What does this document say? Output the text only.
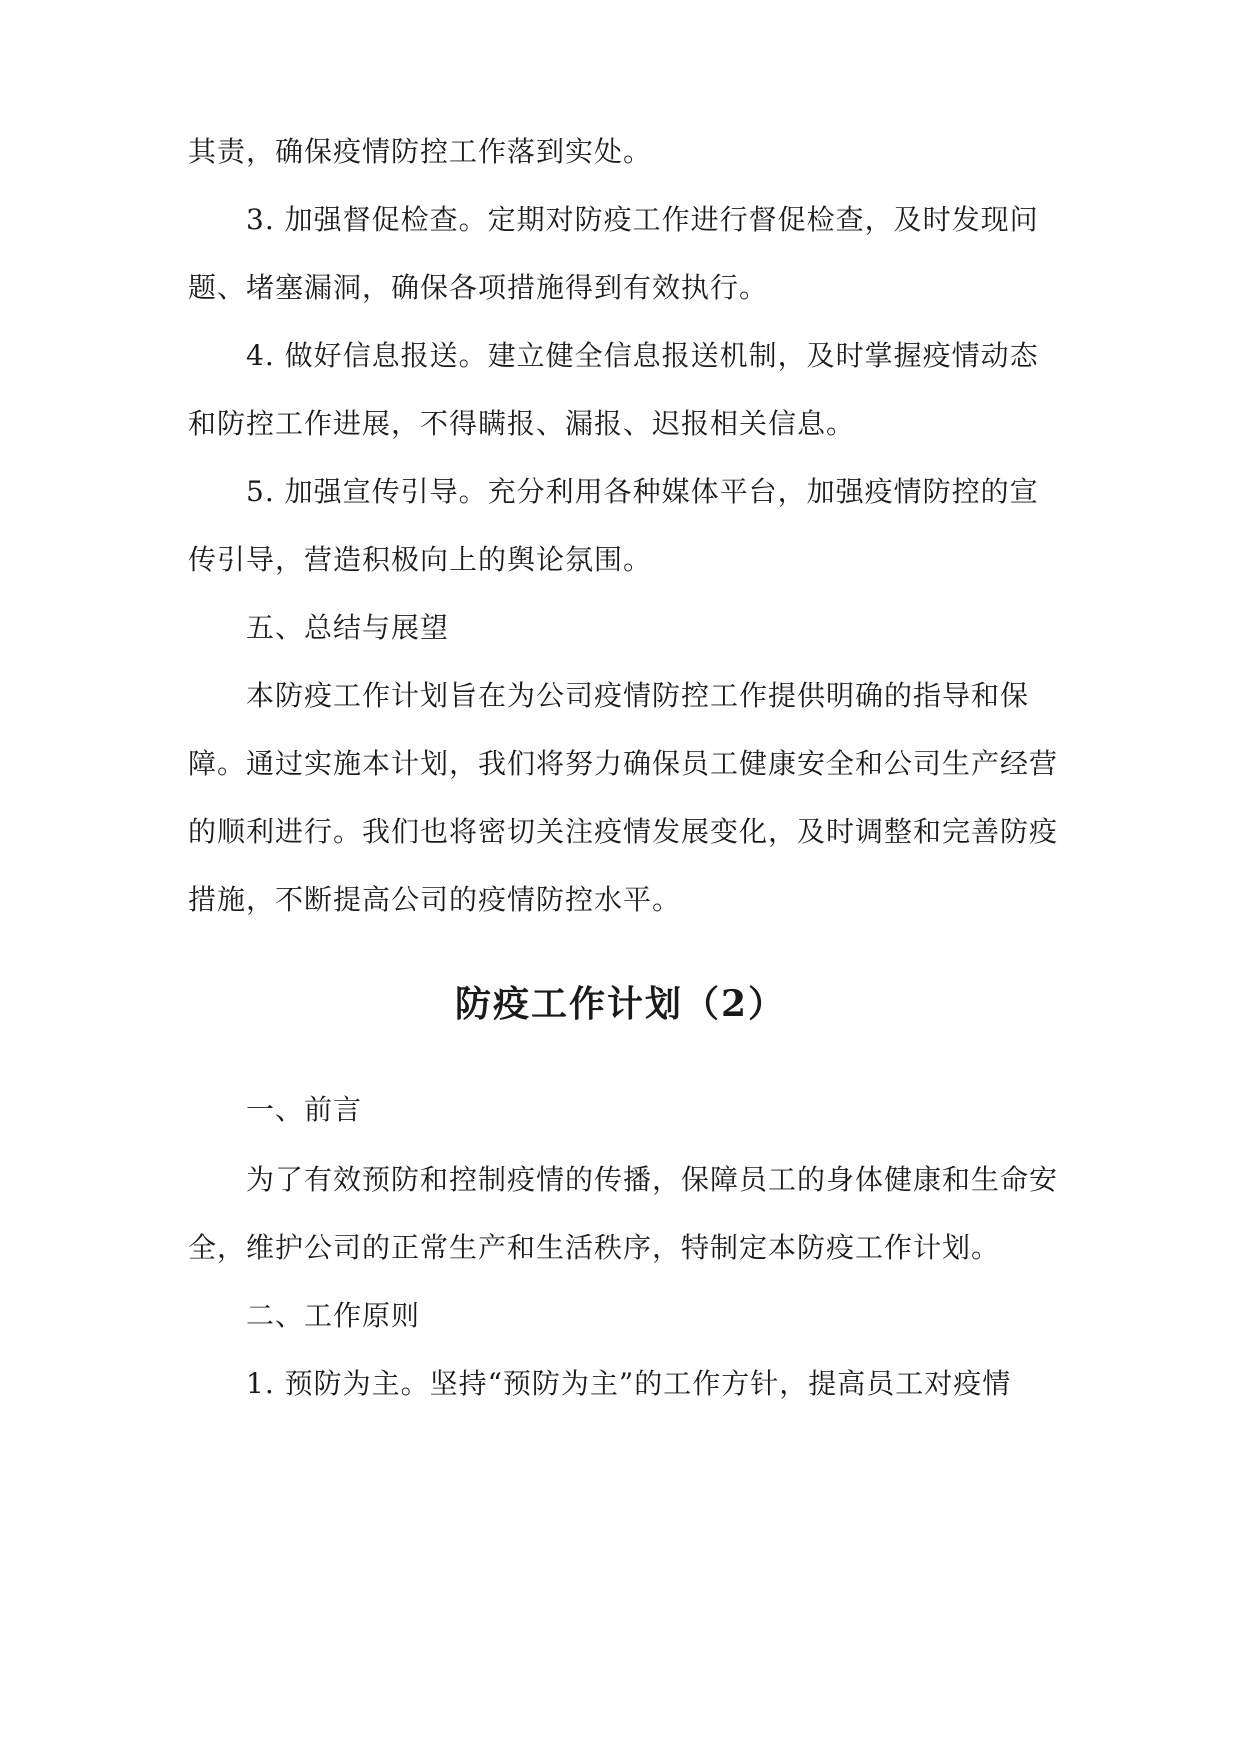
其责，确保疫情防控工作落到实处。
3. 加强督促检查。定期对防疫工作进行督促检查，及时发现问
题、堵塞漏洞，确保各项措施得到有效执行。
4. 做好信息报送。建立健全信息报送机制，及时掌握疫情动态
和防控工作进展，不得瞒报、漏报、迟报相关信息。
5. 加强宣传引导。充分利用各种媒体平台，加强疫情防控的宣
传引导，营造积极向上的舆论氛围。
五、总结与展望
本防疫工作计划旨在为公司疫情防控工作提供明确的指导和保
障。通过实施本计划，我们将努力确保员工健康安全和公司生产经营
的顺利进行。我们也将密切关注疫情发展变化，及时调整和完善防疫
措施，不断提高公司的疫情防控水平。
防疫工作计划（2）
一、前言
为了有效预防和控制疫情的传播，保障员工的身体健康和生命安
全，维护公司的正常生产和生活秩序，特制定本防疫工作计划。
二、工作原则
1. 预防为主。坚持“预防为主”的工作方针，提高员工对疫情
